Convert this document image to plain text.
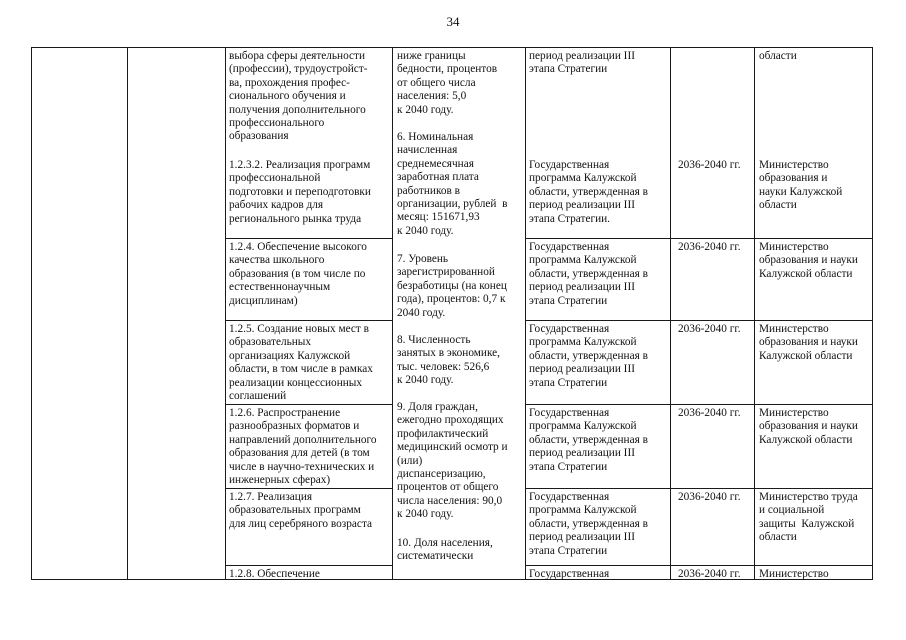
34
выбора сферы деятельности
(профессии), трудоустройст-
ва, прохождения профес-
сионального обучения и
получения дополнительного
профессионального
образования
период реализации III
этапа Стратегии
области
1.2.3.2. Реализация программ
профессиональной
подготовки и переподготовки
рабочих кадров для
регионального рынка труда
Государственная
программа Калужской
области, утвержденная в
период реализации III
этапа Стратегии.
2036-2040 гг. Министерство
образования и
науки Калужской
области
1.2.4. Обеспечение высокого
качества школьного
образования (в том числе по
естественнонаучным
дисциплинам)
Государственная
программа Калужской
области, утвержденная в
период реализации III
этапа Стратегии
2036-2040 гг. Министерство
образования и науки
Калужской области
1.2.5. Создание новых мест в
образовательных
организациях Калужской
области, в том числе в рамках
реализации концессионных
соглашений
Государственная
программа Калужской
области, утвержденная в
период реализации III
этапа Стратегии
2036-2040 гг. Министерство
образования и науки
Калужской области
1.2.6. Распространение
разнообразных форматов и
направлений дополнительного
образования для детей (в том
числе в научно-технических и
инженерных сферах)
Государственная
программа Калужской
области, утвержденная в
период реализации III
этапа Стратегии
2036-2040 гг. Министерство
образования и науки
Калужской области
1.2.7. Реализация
образовательных программ
для лиц серебряного возраста
Государственная
программа Калужской
области, утвержденная в
период реализации III
этапа Стратегии
2036-2040 гг. Министерство труда
и социальной
защиты  Калужской
области
1.2.8. Обеспечение	Государственная	2036-2040 гг. Министерство
ниже границы
бедности, процентов
от общего числа
населения: 5,0
к 2040 году.
6. Номинальная
начисленная
среднемесячная
заработная плата
работников в
организации, рублей  в
месяц: 151671,93
к 2040 году.
7. Уровень
зарегистрированной
безработицы (на конец
года), процентов: 0,7 к
2040 году.
8. Численность
занятых в экономике,
тыс. человек: 526,6
к 2040 году.
9. Доля граждан,
ежегодно проходящих
профилактический
медицинский осмотр и
(или)
диспансеризацию,
процентов от общего
числа населения: 90,0
к 2040 году.
10. Доля населения,
систематически
